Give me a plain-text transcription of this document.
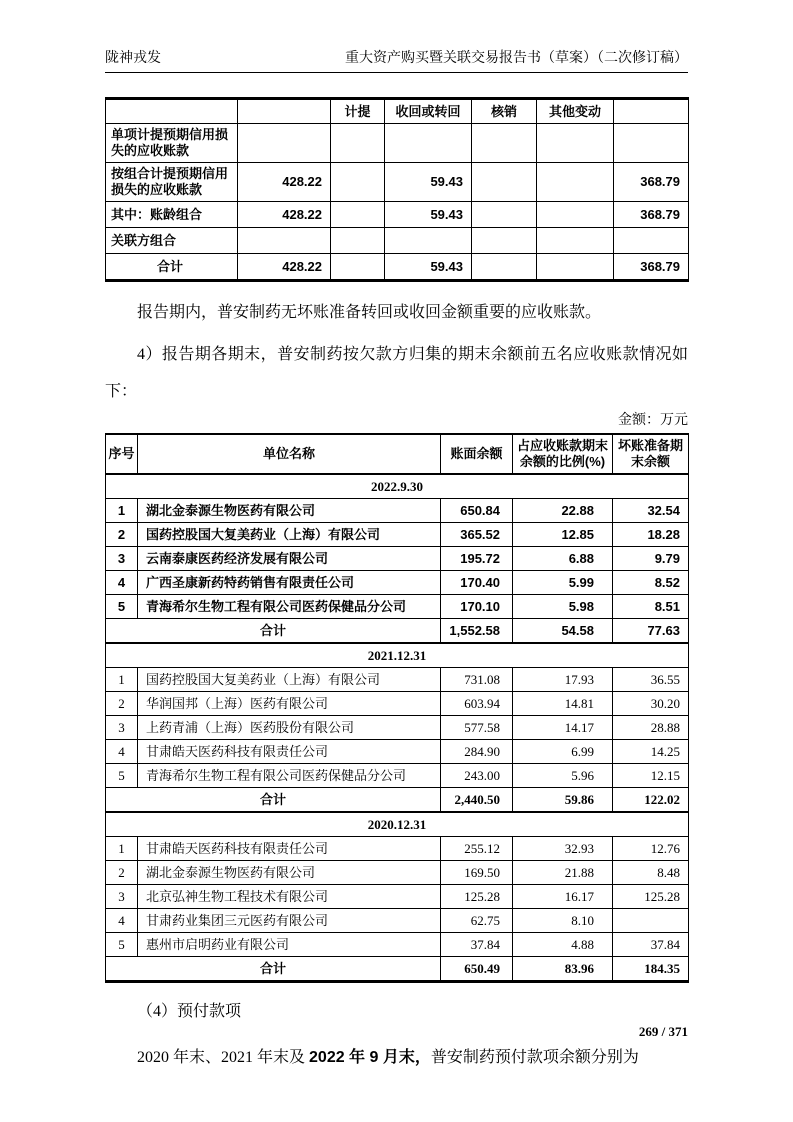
陇神戎发	重大资产购买暨关联交易报告书（草案）（二次修订稿）
		计提	收回或转回	核销	其他变动	
单项计提预期信用损失的应收账款						
按组合计提预期信用损失的应收账款	428.22		59.43			368.79
其中：账龄组合	428.22		59.43			368.79
关联方组合						
合计	428.22		59.43			368.79

报告期内，普安制药无坏账准备转回或收回金额重要的应收账款。

4）报告期各期末，普安制药按欠款方归集的期末余额前五名应收账款情况如下：

金额：万元
序号	单位名称	账面余额	占应收账款期末余额的比例(%)	坏账准备期末余额
2022.9.30				
1	湖北金泰源生物医药有限公司	650.84	22.88	32.54
2	国药控股国大复美药业（上海）有限公司	365.52	12.85	18.28
3	云南泰康医药经济发展有限公司	195.72	6.88	9.79
4	广西圣康新药特药销售有限责任公司	170.40	5.99	8.52
5	青海希尔生物工程有限公司医药保健品分公司	170.10	5.98	8.51
合计		1,552.58	54.58	77.63
2021.12.31				
1	国药控股国大复美药业（上海）有限公司	731.08	17.93	36.55
2	华润国邦（上海）医药有限公司	603.94	14.81	30.20
3	上药青浦（上海）医药股份有限公司	577.58	14.17	28.88
4	甘肃皓天医药科技有限责任公司	284.90	6.99	14.25
5	青海希尔生物工程有限公司医药保健品分公司	243.00	5.96	12.15
合计		2,440.50	59.86	122.02
2020.12.31				
1	甘肃皓天医药科技有限责任公司	255.12	32.93	12.76
2	湖北金泰源生物医药有限公司	169.50	21.88	8.48
3	北京弘神生物工程技术有限公司	125.28	16.17	125.28
4	甘肃药业集团三元医药有限公司	62.75	8.10	
5	惠州市启明药业有限公司	37.84	4.88	37.84
合计		650.49	83.96	184.35

（4）预付款项

2020 年末、2021 年末及 2022 年 9 月末，普安制药预付款项余额分别为

269 / 371
